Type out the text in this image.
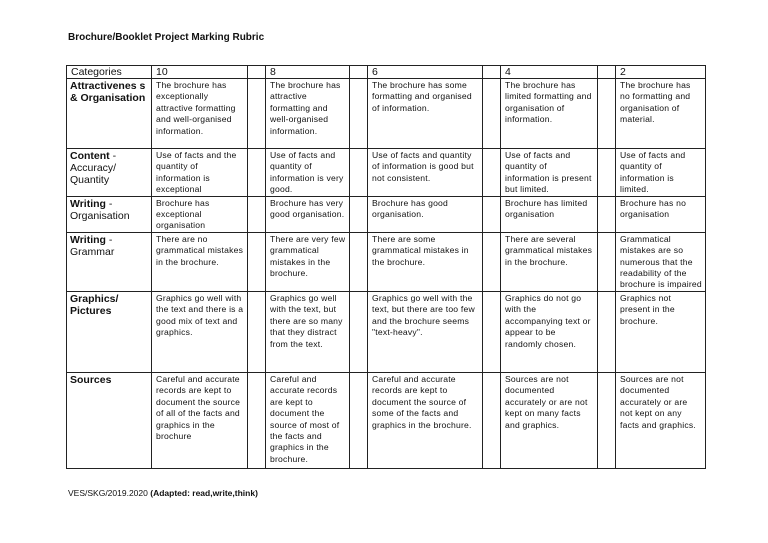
Brochure/Booklet Project Marking Rubric
Categories	10		8		6		4		2
Attractivenes s & Organisation	The brochure has exceptionally attractive formatting and well-organised information.		The brochure has attractive formatting and well-organised information.		The brochure has some formatting and organised of information.		The brochure has limited formatting and organisation of information.		The brochure has no formatting and organisation of material.
Content - Accuracy/ Quantity	Use of facts and the quantity of information is exceptional		Use of facts and quantity of information is very good.		Use of facts and quantity of information is good but not consistent.		Use of facts and quantity of information is present but limited.		Use of facts and quantity of information is limited.
Writing - Organisation	Brochure has exceptional organisation		Brochure has very good organisation.		Brochure has good organisation.		Brochure has limited organisation		Brochure has no organisation
Writing - Grammar	There are no grammatical mistakes in the brochure.		There are very few grammatical mistakes in the brochure.		There are some grammatical mistakes in the brochure.		There are several grammatical mistakes in the brochure.		Grammatical mistakes are so numerous that the readability of the brochure is impaired
Graphics/ Pictures	Graphics go well with the text and there is a good mix of text and graphics.		Graphics go well with the text, but there are so many that they distract from the text.		Graphics go well with the text, but there are too few and the brochure seems "text-heavy".		Graphics do not go with the accompanying text or appear to be randomly chosen.		Graphics not present in the brochure.
Sources	Careful and accurate records are kept to document the source of all of the facts and graphics in the brochure		Careful and accurate records are kept to document the source of most of the facts and graphics in the brochure.		Careful and accurate records are kept to document the source of some of the facts and graphics in the brochure.		Sources are not documented accurately or are not kept on many facts and graphics.		Sources are not documented accurately or are not kept on any facts and graphics.
VES/SKG/2019.2020 (Adapted: read,write,think)
